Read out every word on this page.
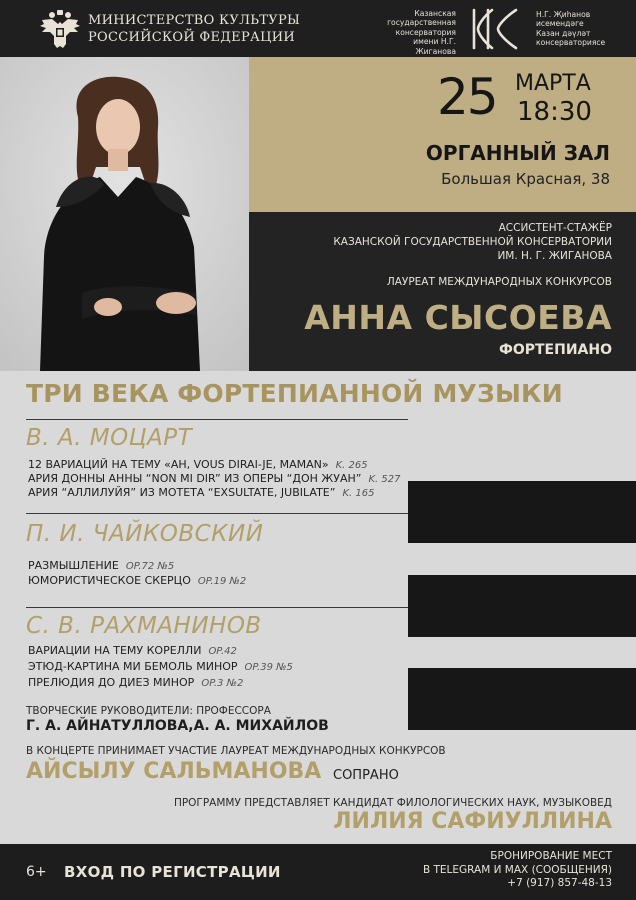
МИНИСТЕРСТВО КУЛЬТУРЫ
РОССИЙСКОЙ ФЕДЕРАЦИИ
Казанская
государственная
консерватория
имени Н.Г. Жиганова
Н.Г. Җиһанов
исемендәге
Казан дәүләт
консерваториясе
25 МАРТА
18:30
ОРГАННЫЙ ЗАЛ
Большая Красная, 38
АССИСТЕНТ-СТАЖЁР
КАЗАНСКОЙ ГОСУДАРСТВЕННОЙ КОНСЕРВАТОРИИ
ИМ. Н. Г. ЖИГАНОВА
ЛАУРЕАТ МЕЖДУНАРОДНЫХ КОНКУРСОВ
АННА СЫСОЕВА
ФОРТЕПИАНО
ТРИ ВЕКА ФОРТЕПИАННОЙ МУЗЫКИ
В. А. МОЦАРТ
12 ВАРИАЦИЙ НА ТЕМУ «AH, VOUS DIRAI-JE, MAMAN» K. 265
АРИЯ ДОННЫ АННЫ “NON MI DIR” ИЗ ОПЕРЫ “ДОН ЖУАН” K. 527
АРИЯ “АЛЛИЛУЙЯ” ИЗ МОТЕТА “EXSULTATE, JUBILATE” K. 165
П. И. ЧАЙКОВСКИЙ
РАЗМЫШЛЕНИЕ OP.72 №5
ЮМОРИСТИЧЕСКОЕ СКЕРЦО OP.19 №2
С. В. РАХМАНИНОВ
ВАРИАЦИИ НА ТЕМУ КОРЕЛЛИ OP.42
ЭТЮД-КАРТИНА МИ БЕМОЛЬ МИНОР OP.39 №5
ПРЕЛЮДИЯ ДО ДИЕЗ МИНОР OP.3 №2
ТВОРЧЕСКИЕ РУКОВОДИТЕЛИ: ПРОФЕССОРА
Г. А. АЙНАТУЛЛОВА,А. А. МИХАЙЛОВ
В КОНЦЕРТЕ ПРИНИМАЕТ УЧАСТИЕ ЛАУРЕАТ МЕЖДУНАРОДНЫХ КОНКУРСОВ
АЙСЫЛУ САЛЬМАНОВА СОПРАНО
ПРОГРАММУ ПРЕДСТАВЛЯЕТ КАНДИДАТ ФИЛОЛОГИЧЕСКИХ НАУК, МУЗЫКОВЕД
ЛИЛИЯ САФИУЛЛИНА
6+ ВХОД ПО РЕГИСТРАЦИИ
БРОНИРОВАНИЕ МЕСТ
В TELEGRAM И MAX (СООБЩЕНИЯ)
+7 (917) 857-48-13
